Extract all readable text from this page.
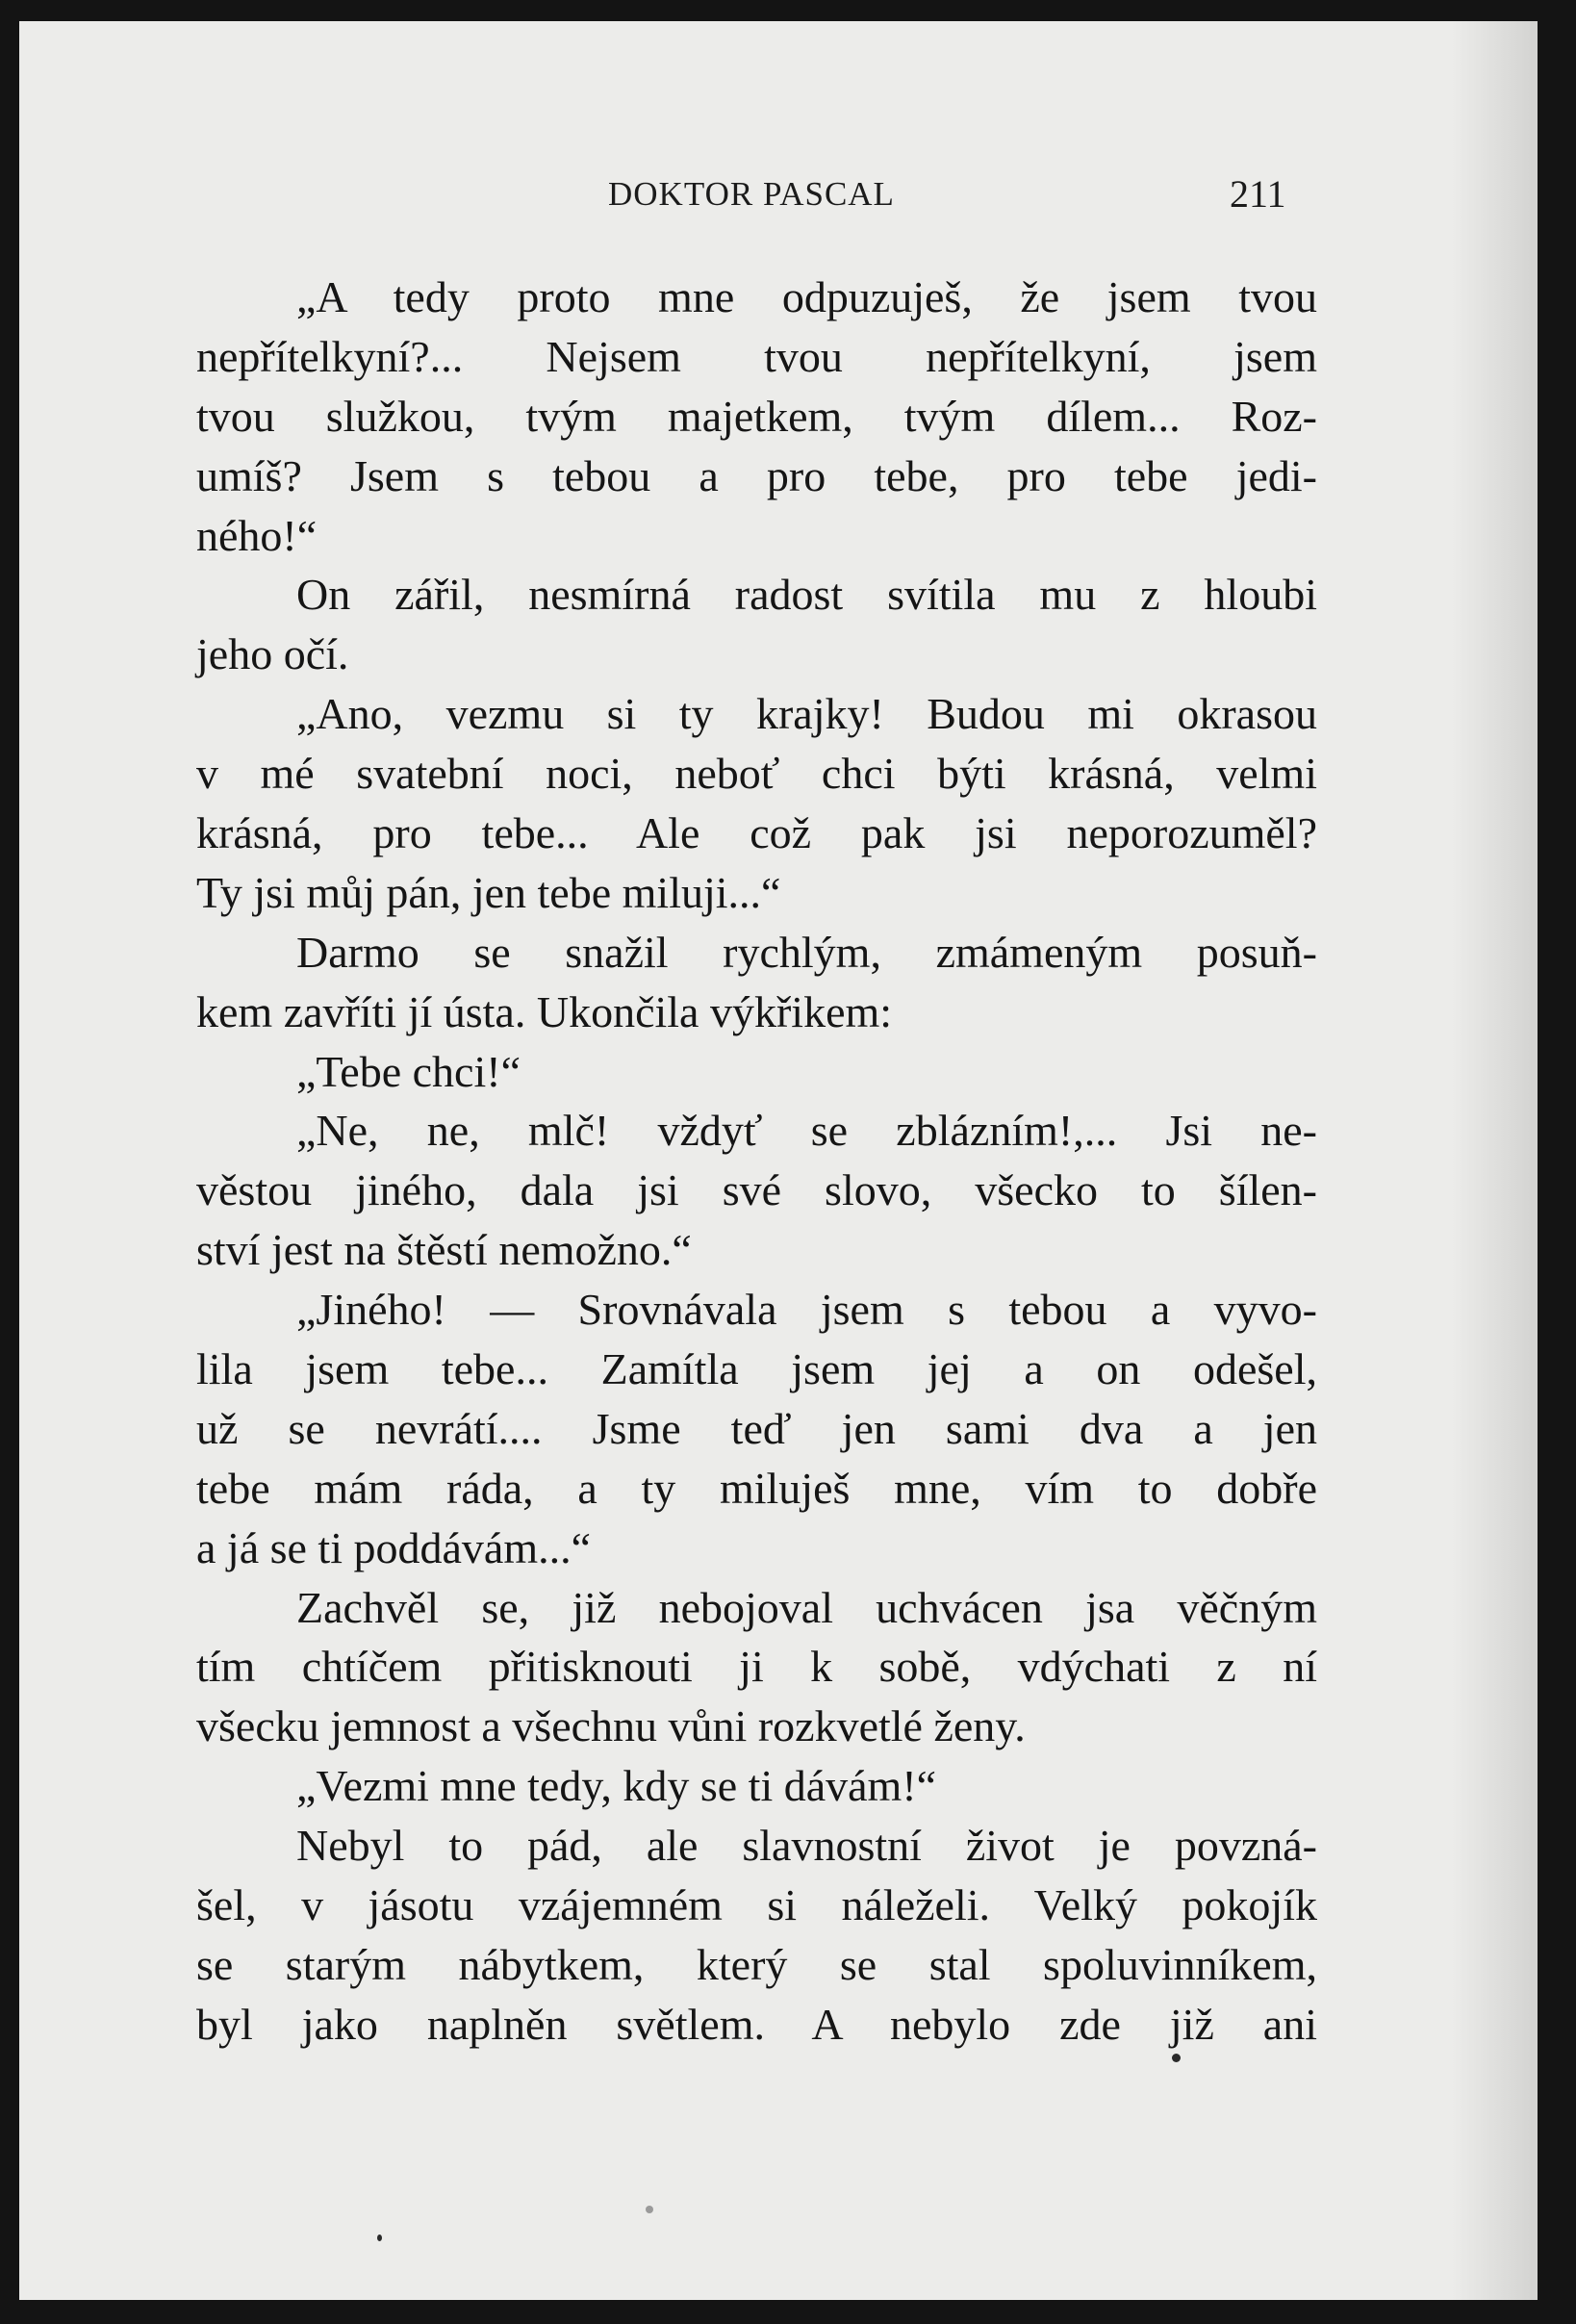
DOKTOR PASCAL	211
„A tedy proto mne odpuzuješ, že jsem tvou
nepřítelkyní?... Nejsem tvou nepřítelkyní, jsem
tvou služkou, tvým majetkem, tvým dílem... Roz-
umíš? Jsem s tebou a pro tebe, pro tebe jedi-
ného!“
On zářil, nesmírná radost svítila mu z hloubi
jeho očí.
„Ano, vezmu si ty krajky! Budou mi okrasou
v mé svatební noci, neboť chci býti krásná, velmi
krásná, pro tebe... Ale což pak jsi neporozuměl?
Ty jsi můj pán, jen tebe miluji...“
Darmo se snažil rychlým, zmámeným posuň-
kem zavříti jí ústa. Ukončila výkřikem:
„Tebe chci!“
„Ne, ne, mlč! vždyť se zblázním!,... Jsi ne-
věstou jiného, dala jsi své slovo, všecko to šílen-
ství jest na štěstí nemožno.“
„Jiného! — Srovnávala jsem s tebou a vyvo-
lila jsem tebe... Zamítla jsem jej a on odešel,
už se nevrátí.... Jsme teď jen sami dva a jen
tebe mám ráda, a ty miluješ mne, vím to dobře
a já se ti poddávám...“
Zachvěl se, již nebojoval uchvácen jsa věčným
tím chtíčem přitisknouti ji k sobě, vdýchati z ní
všecku jemnost a všechnu vůni rozkvetlé ženy.
„Vezmi mne tedy, kdy se ti dávám!“
Nebyl to pád, ale slavnostní život je povzná-
šel, v jásotu vzájemném si náleželi. Velký pokojík
se starým nábytkem, který se stal spoluvinníkem,
byl jako naplněn světlem. A nebylo zde již ani
